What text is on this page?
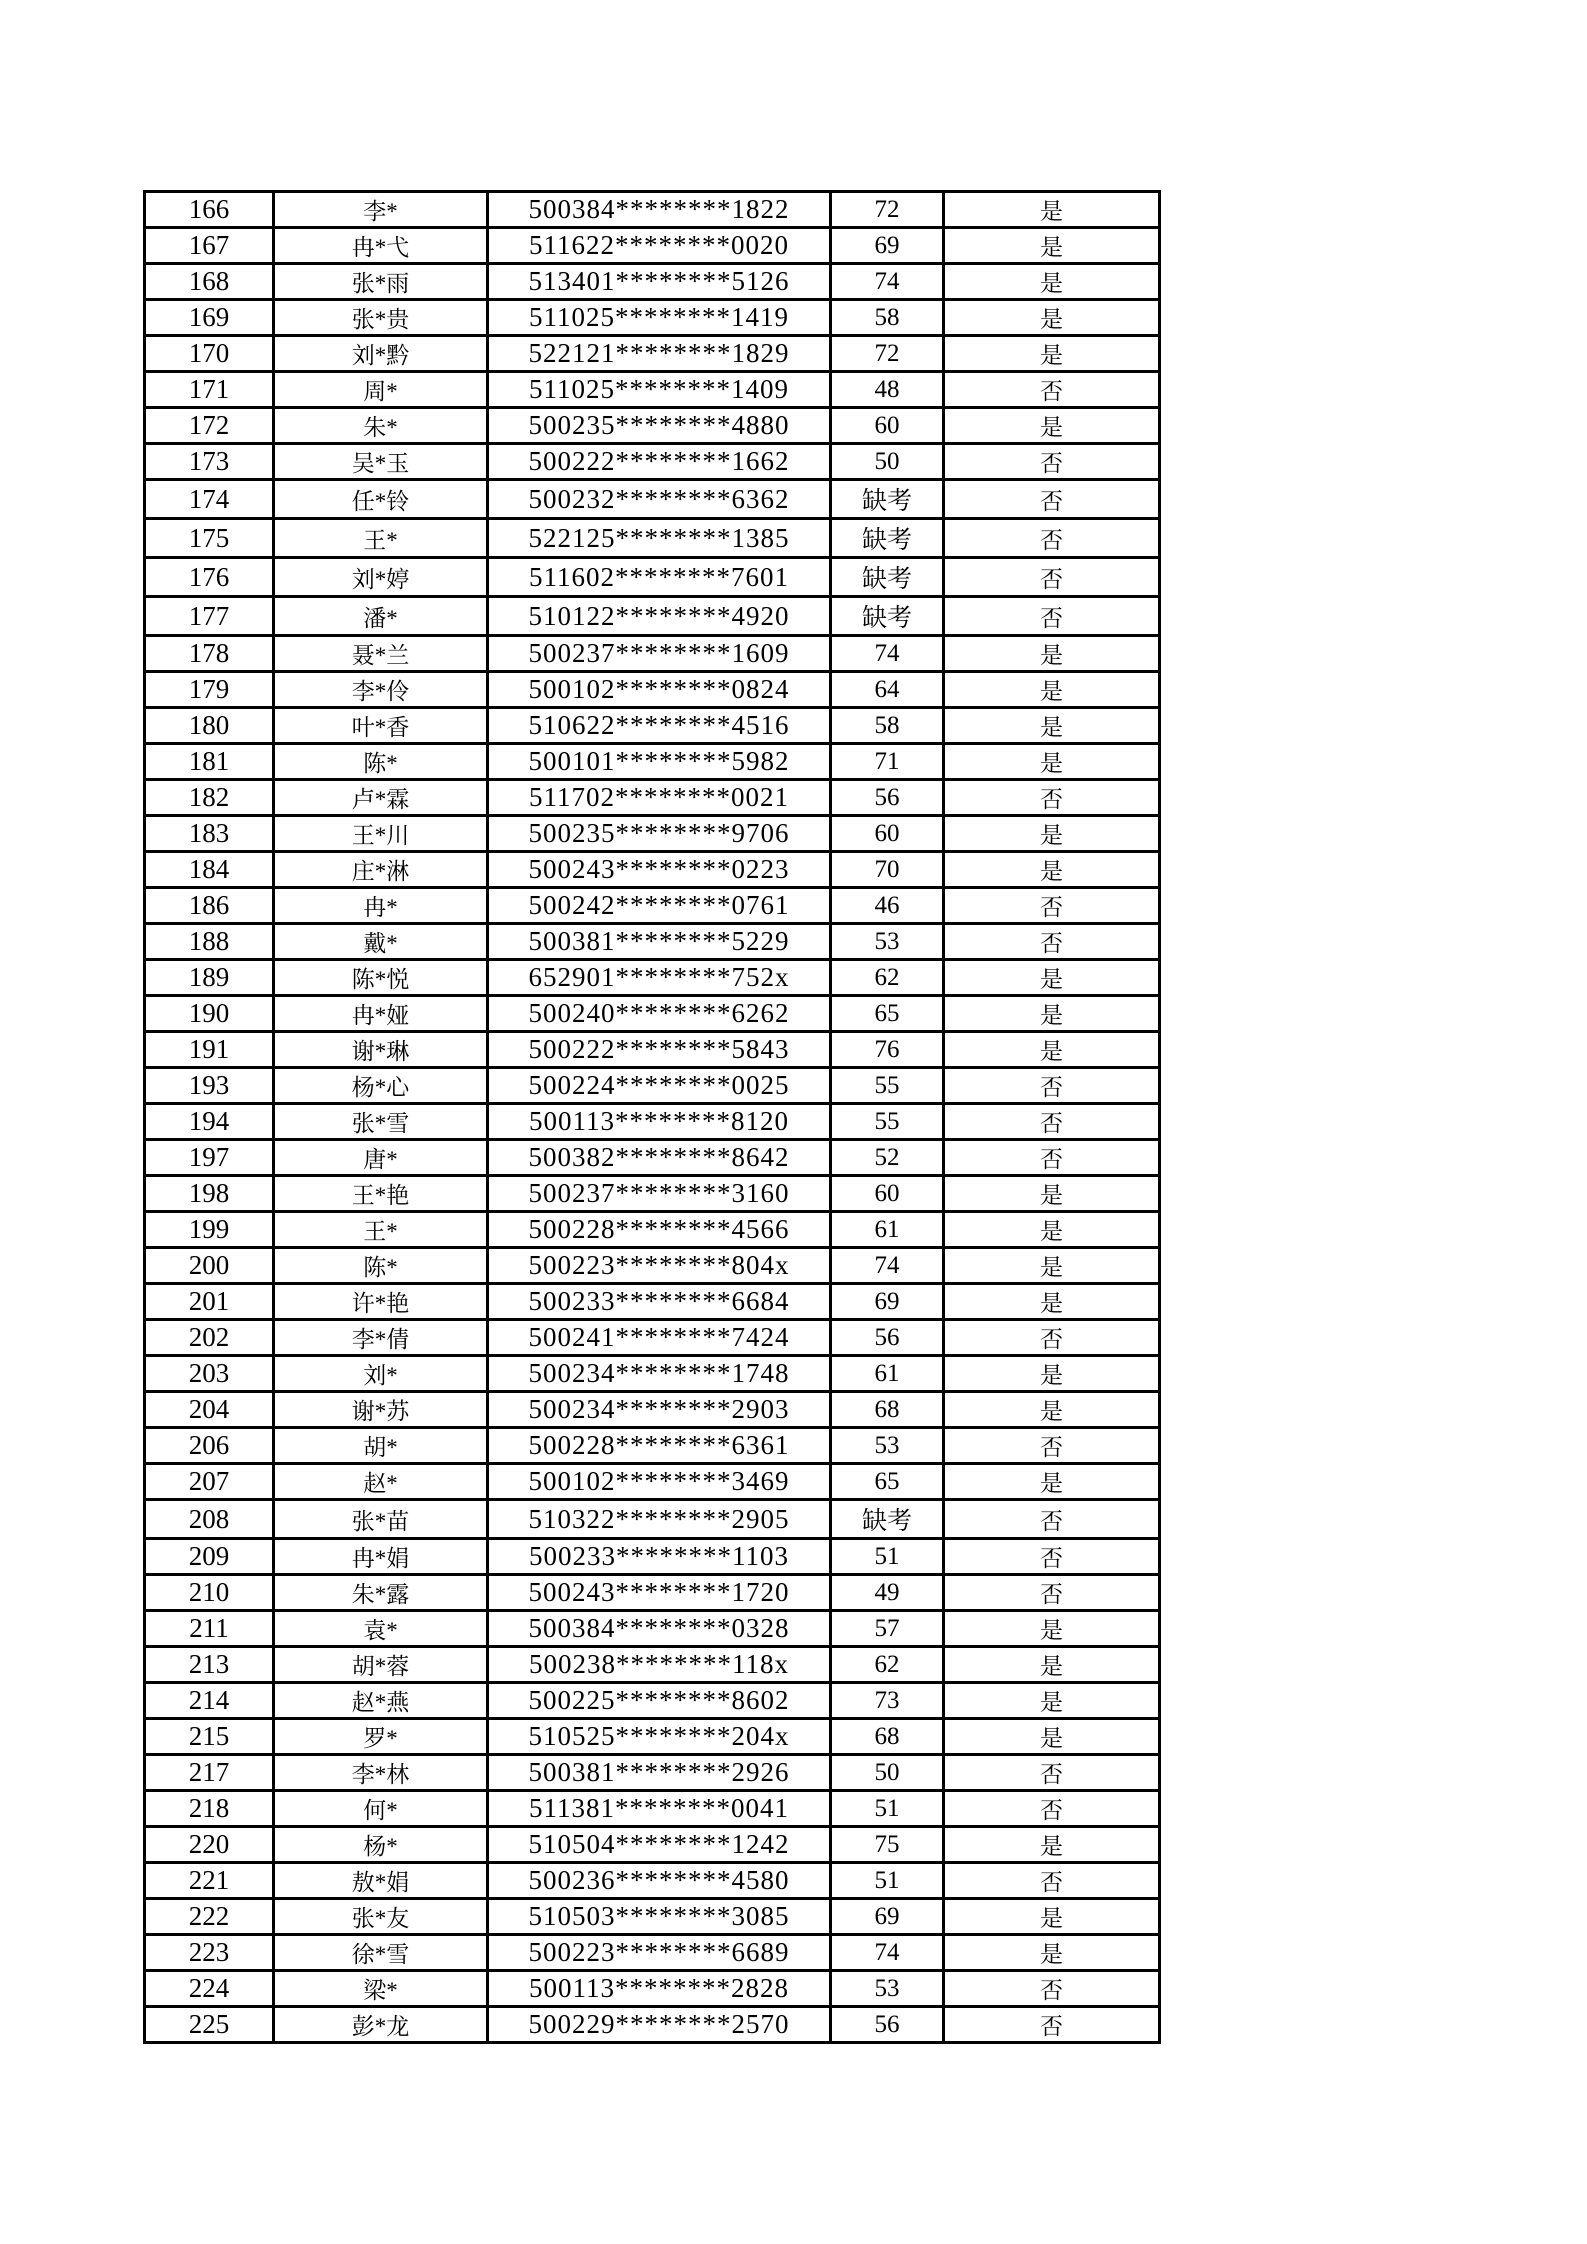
166	李*	500384********1822	72	是
167	冉*弋	511622********0020	69	是
168	张*雨	513401********5126	74	是
169	张*贵	511025********1419	58	是
170	刘*黔	522121********1829	72	是
171	周*	511025********1409	48	否
172	朱*	500235********4880	60	是
173	吴*玉	500222********1662	50	否
174	任*铃	500232********6362	缺考	否
175	王*	522125********1385	缺考	否
176	刘*婷	511602********7601	缺考	否
177	潘*	510122********4920	缺考	否
178	聂*兰	500237********1609	74	是
179	李*伶	500102********0824	64	是
180	叶*香	510622********4516	58	是
181	陈*	500101********5982	71	是
182	卢*霖	511702********0021	56	否
183	王*川	500235********9706	60	是
184	庄*淋	500243********0223	70	是
186	冉*	500242********0761	46	否
188	戴*	500381********5229	53	否
189	陈*悦	652901********752x	62	是
190	冉*娅	500240********6262	65	是
191	谢*琳	500222********5843	76	是
193	杨*心	500224********0025	55	否
194	张*雪	500113********8120	55	否
197	唐*	500382********8642	52	否
198	王*艳	500237********3160	60	是
199	王*	500228********4566	61	是
200	陈*	500223********804x	74	是
201	许*艳	500233********6684	69	是
202	李*倩	500241********7424	56	否
203	刘*	500234********1748	61	是
204	谢*苏	500234********2903	68	是
206	胡*	500228********6361	53	否
207	赵*	500102********3469	65	是
208	张*苗	510322********2905	缺考	否
209	冉*娟	500233********1103	51	否
210	朱*露	500243********1720	49	否
211	袁*	500384********0328	57	是
213	胡*蓉	500238********118x	62	是
214	赵*燕	500225********8602	73	是
215	罗*	510525********204x	68	是
217	李*林	500381********2926	50	否
218	何*	511381********0041	51	否
220	杨*	510504********1242	75	是
221	敖*娟	500236********4580	51	否
222	张*友	510503********3085	69	是
223	徐*雪	500223********6689	74	是
224	梁*	500113********2828	53	否
225	彭*龙	500229********2570	56	否
